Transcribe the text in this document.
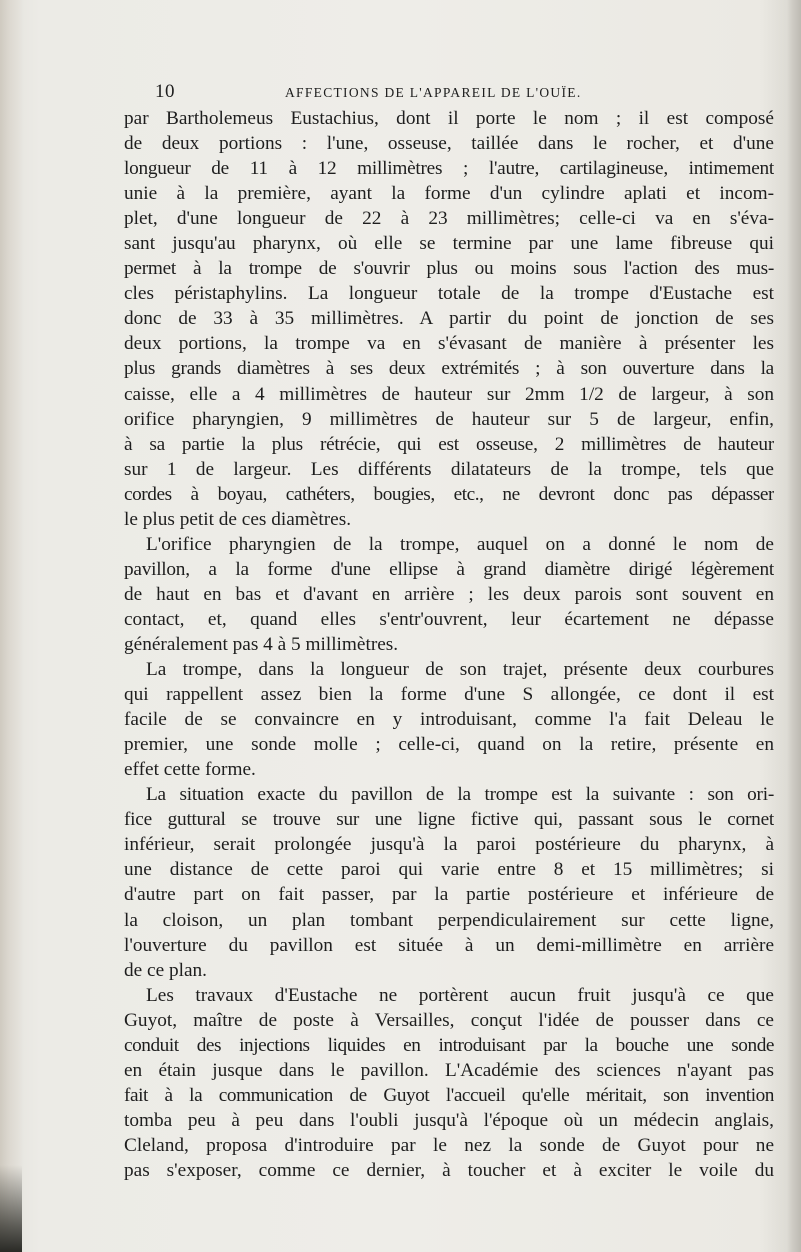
10	AFFECTIONS DE L'APPAREIL DE L'OUÏE.
par Bartholemeus Eustachius, dont il porte le nom ; il est composé
de deux portions : l'une, osseuse, taillée dans le rocher, et d'une
longueur de 11 à 12 millimètres ; l'autre, cartilagineuse, intimement
unie à la première, ayant la forme d'un cylindre aplati et incom-
plet, d'une longueur de 22 à 23 millimètres; celle-ci va en s'éva-
sant jusqu'au pharynx, où elle se termine par une lame fibreuse qui
permet à la trompe de s'ouvrir plus ou moins sous l'action des mus-
cles péristaphylins. La longueur totale de la trompe d'Eustache est
donc de 33 à 35 millimètres. A partir du point de jonction de ses
deux portions, la trompe va en s'évasant de manière à présenter les
plus grands diamètres à ses deux extrémités ; à son ouverture dans la
caisse, elle a 4 millimètres de hauteur sur 2mm 1/2 de largeur, à son
orifice pharyngien, 9 millimètres de hauteur sur 5 de largeur, enfin,
à sa partie la plus rétrécie, qui est osseuse, 2 millimètres de hauteur
sur 1 de largeur. Les différents dilatateurs de la trompe, tels que
cordes à boyau, cathéters, bougies, etc., ne devront donc pas dépasser
le plus petit de ces diamètres.
L'orifice pharyngien de la trompe, auquel on a donné le nom de
pavillon, a la forme d'une ellipse à grand diamètre dirigé légèrement
de haut en bas et d'avant en arrière ; les deux parois sont souvent en
contact, et, quand elles s'entr'ouvrent, leur écartement ne dépasse
généralement pas 4 à 5 millimètres.
La trompe, dans la longueur de son trajet, présente deux courbures
qui rappellent assez bien la forme d'une S allongée, ce dont il est
facile de se convaincre en y introduisant, comme l'a fait Deleau le
premier, une sonde molle ; celle-ci, quand on la retire, présente en
effet cette forme.
La situation exacte du pavillon de la trompe est la suivante : son ori-
fice guttural se trouve sur une ligne fictive qui, passant sous le cornet
inférieur, serait prolongée jusqu'à la paroi postérieure du pharynx, à
une distance de cette paroi qui varie entre 8 et 15 millimètres; si
d'autre part on fait passer, par la partie postérieure et inférieure de
la cloison, un plan tombant perpendiculairement sur cette ligne,
l'ouverture du pavillon est située à un demi-millimètre en arrière
de ce plan.
Les travaux d'Eustache ne portèrent aucun fruit jusqu'à ce que
Guyot, maître de poste à Versailles, conçut l'idée de pousser dans ce
conduit des injections liquides en introduisant par la bouche une sonde
en étain jusque dans le pavillon. L'Académie des sciences n'ayant pas
fait à la communication de Guyot l'accueil qu'elle méritait, son invention
tomba peu à peu dans l'oubli jusqu'à l'époque où un médecin anglais,
Cleland, proposa d'introduire par le nez la sonde de Guyot pour ne
pas s'exposer, comme ce dernier, à toucher et à exciter le voile du
